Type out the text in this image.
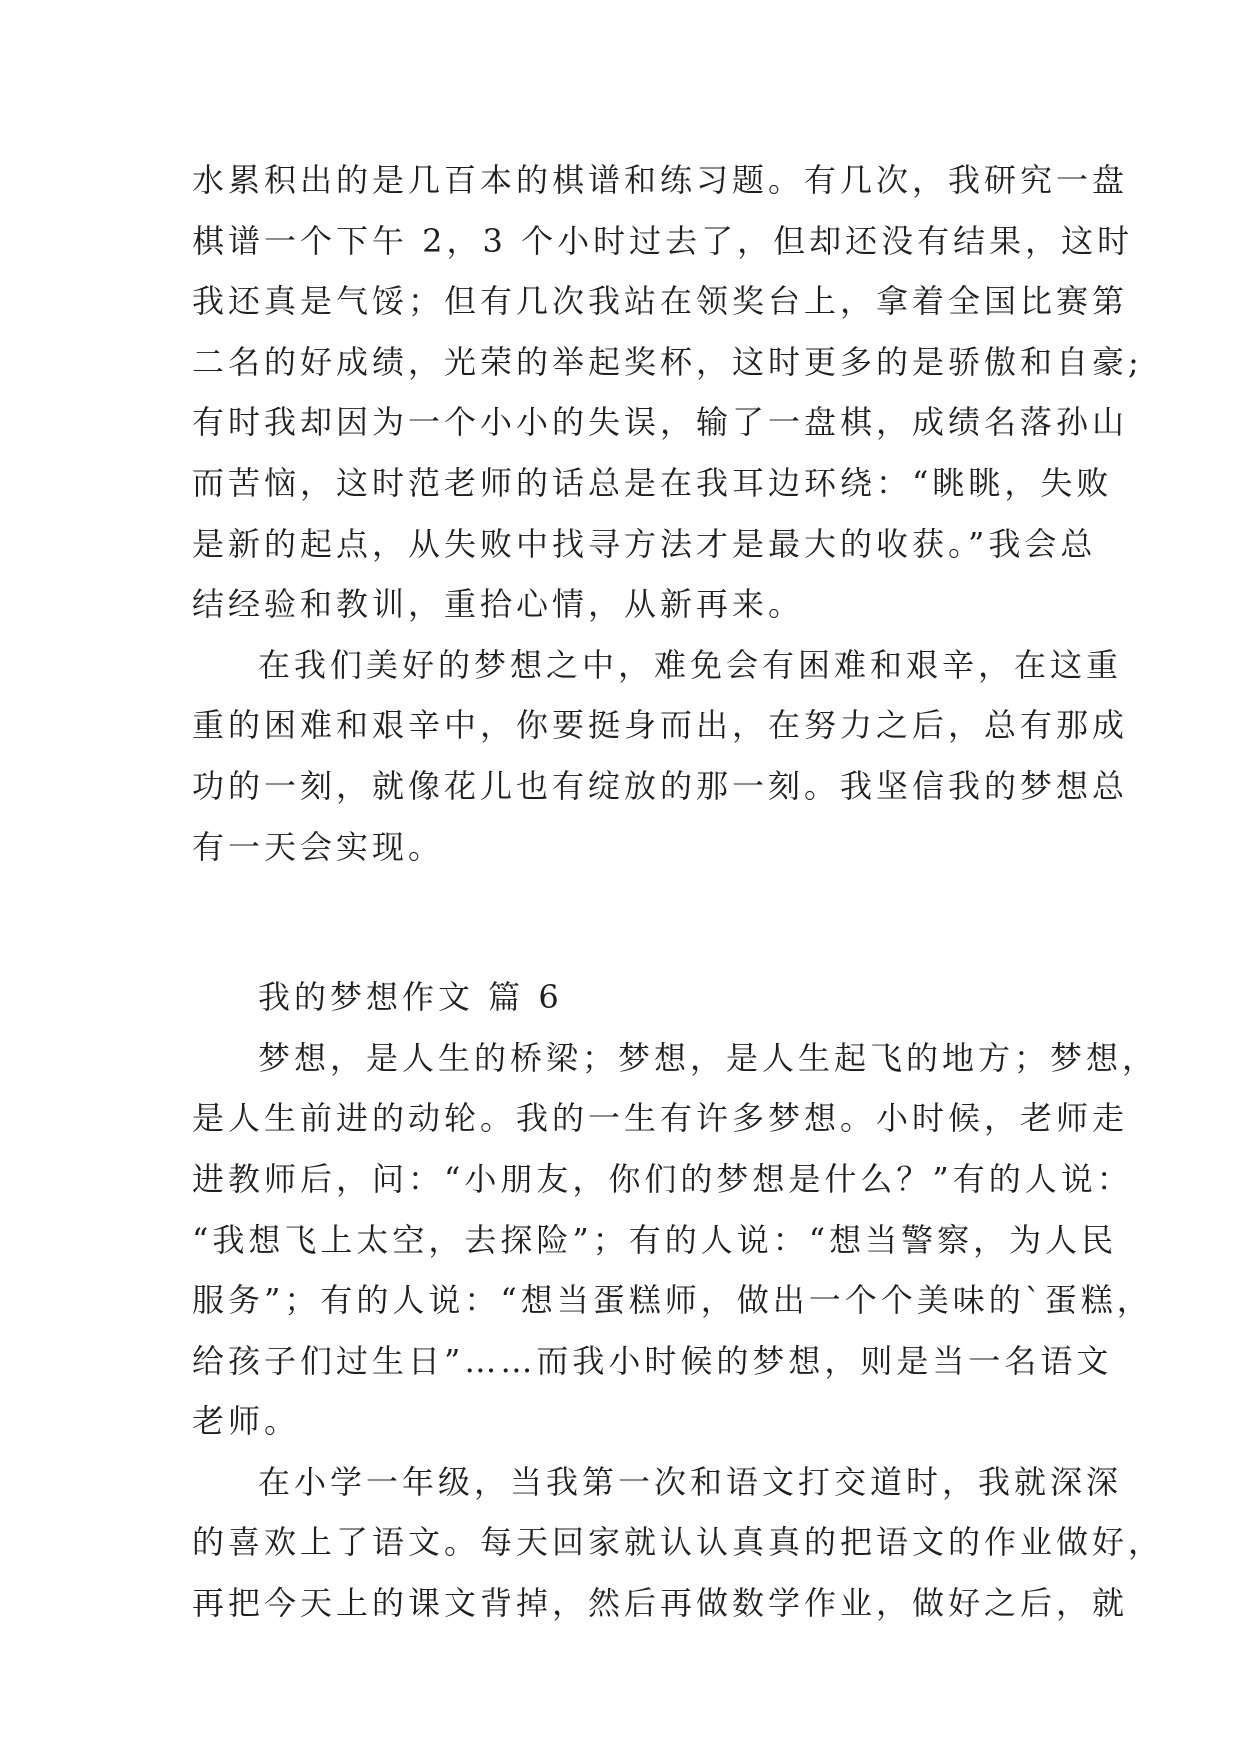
水累积出的是几百本的棋谱和练习题。有几次，我研究一盘
棋谱一个下午 2，3 个小时过去了，但却还没有结果，这时
我还真是气馁；但有几次我站在领奖台上，拿着全国比赛第
二名的好成绩，光荣的举起奖杯，这时更多的是骄傲和自豪;
有时我却因为一个小小的失误，输了一盘棋，成绩名落孙山
而苦恼，这时范老师的话总是在我耳边环绕：“眺眺，失败
是新的起点，从失败中找寻方法才是最大的收获。”我会总
结经验和教训，重拾心情，从新再来。
在我们美好的梦想之中，难免会有困难和艰辛，在这重
重的困难和艰辛中，你要挺身而出，在努力之后，总有那成
功的一刻，就像花儿也有绽放的那一刻。我坚信我的梦想总
有一天会实现。
我的梦想作文 篇 6
梦想，是人生的桥梁；梦想，是人生起飞的地方；梦想，
是人生前进的动轮。我的一生有许多梦想。小时候，老师走
进教师后，问：“小朋友，你们的梦想是什么？”有的人说：
“我想飞上太空，去探险”；有的人说：“想当警察，为人民
服务”；有的人说：“想当蛋糕师，做出一个个美味的`蛋糕，
给孩子们过生日”……而我小时候的梦想，则是当一名语文
老师。
在小学一年级，当我第一次和语文打交道时，我就深深
的喜欢上了语文。每天回家就认认真真的把语文的作业做好，
再把今天上的课文背掉，然后再做数学作业，做好之后，就
